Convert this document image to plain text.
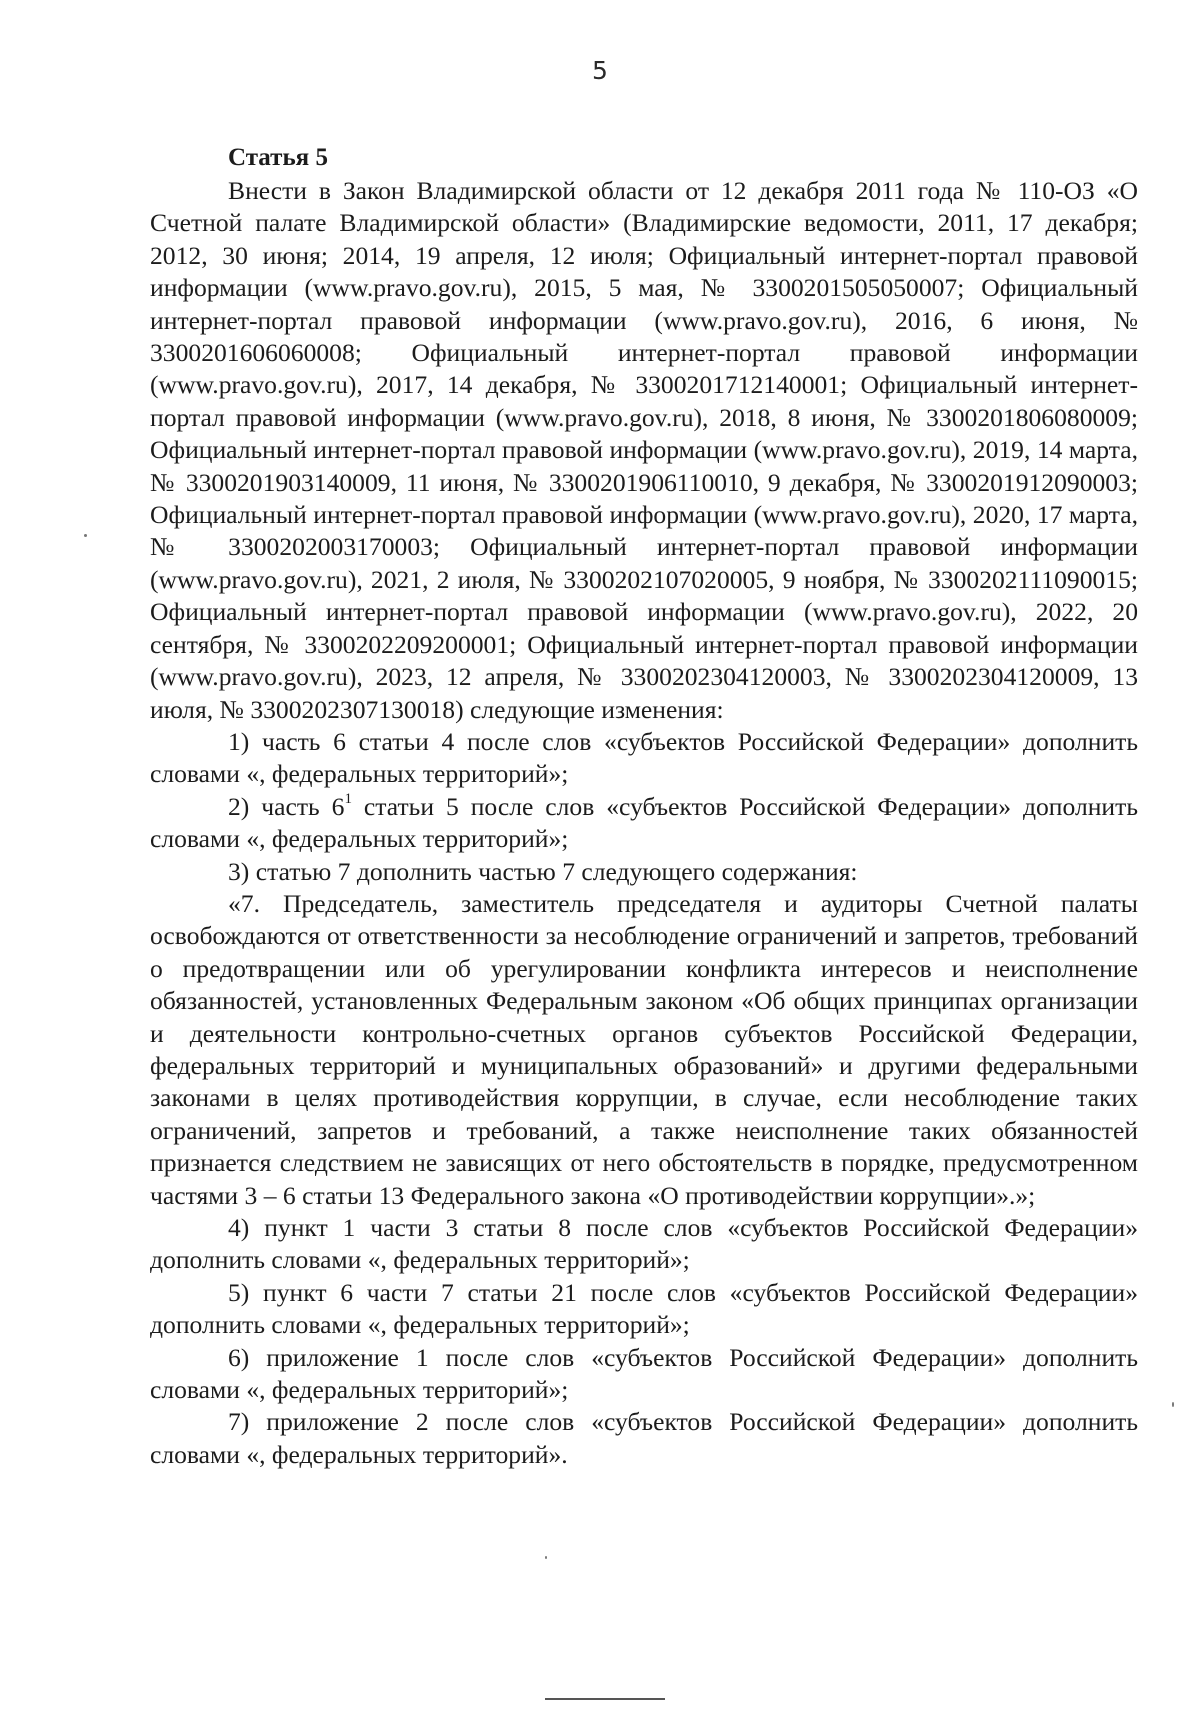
5
Статья 5

Внести в Закон Владимирской области от 12 декабря 2011 года № 110-ОЗ «О Счетной палате Владимирской области» (Владимирские ведомости, 2011, 17 декабря; 2012, 30 июня; 2014, 19 апреля, 12 июля; Официальный интернет-портал правовой информации (www.pravo.gov.ru), 2015, 5 мая, № 3300201505050007; Официальный интернет-портал правовой информации (www.pravo.gov.ru), 2016, 6 июня, № 3300201606060008; Официальный интернет-портал правовой информации (www.pravo.gov.ru), 2017, 14 декабря, № 3300201712140001; Официальный интернет-портал правовой информации (www.pravo.gov.ru), 2018, 8 июня, № 3300201806080009; Официальный интернет-портал правовой информации (www.pravo.gov.ru), 2019, 14 марта, № 3300201903140009, 11 июня, № 3300201906110010, 9 декабря, № 3300201912090003; Официальный интернет-портал правовой информации (www.pravo.gov.ru), 2020, 17 марта, № 3300202003170003; Официальный интернет-портал правовой информации (www.pravo.gov.ru), 2021, 2 июля, № 3300202107020005, 9 ноября, № 3300202111090015; Официальный интернет-портал правовой информации (www.pravo.gov.ru), 2022, 20 сентября, № 3300202209200001; Официальный интернет-портал правовой информации (www.pravo.gov.ru), 2023, 12 апреля, № 3300202304120003, № 3300202304120009, 13 июля, № 3300202307130018) следующие изменения:

1) часть 6 статьи 4 после слов «субъектов Российской Федерации» дополнить словами «, федеральных территорий»;

2) часть $6^1$ статьи 5 после слов «субъектов Российской Федерации» дополнить словами «, федеральных территорий»;

3) статью 7 дополнить частью 7 следующего содержания:

«7. Председатель, заместитель председателя и аудиторы Счетной палаты освобождаются от ответственности за несоблюдение ограничений и запретов, требований о предотвращении или об урегулировании конфликта интересов и неисполнение обязанностей, установленных Федеральным законом «Об общих принципах организации и деятельности контрольно-счетных органов субъектов Российской Федерации, федеральных территорий и муниципальных образований» и другими федеральными законами в целях противодействия коррупции, в случае, если несоблюдение таких ограничений, запретов и требований, а также неисполнение таких обязанностей признается следствием не зависящих от него обстоятельств в порядке, предусмотренном частями 3 – 6 статьи 13 Федерального закона «О противодействии коррупции».»;

4) пункт 1 части 3 статьи 8 после слов «субъектов Российской Федерации» дополнить словами «, федеральных территорий»;

5) пункт 6 части 7 статьи 21 после слов «субъектов Российской Федерации» дополнить словами «, федеральных территорий»;

6) приложение 1 после слов «субъектов Российской Федерации» дополнить словами «, федеральных территорий»;

7) приложение 2 после слов «субъектов Российской Федерации» дополнить словами «, федеральных территорий».
